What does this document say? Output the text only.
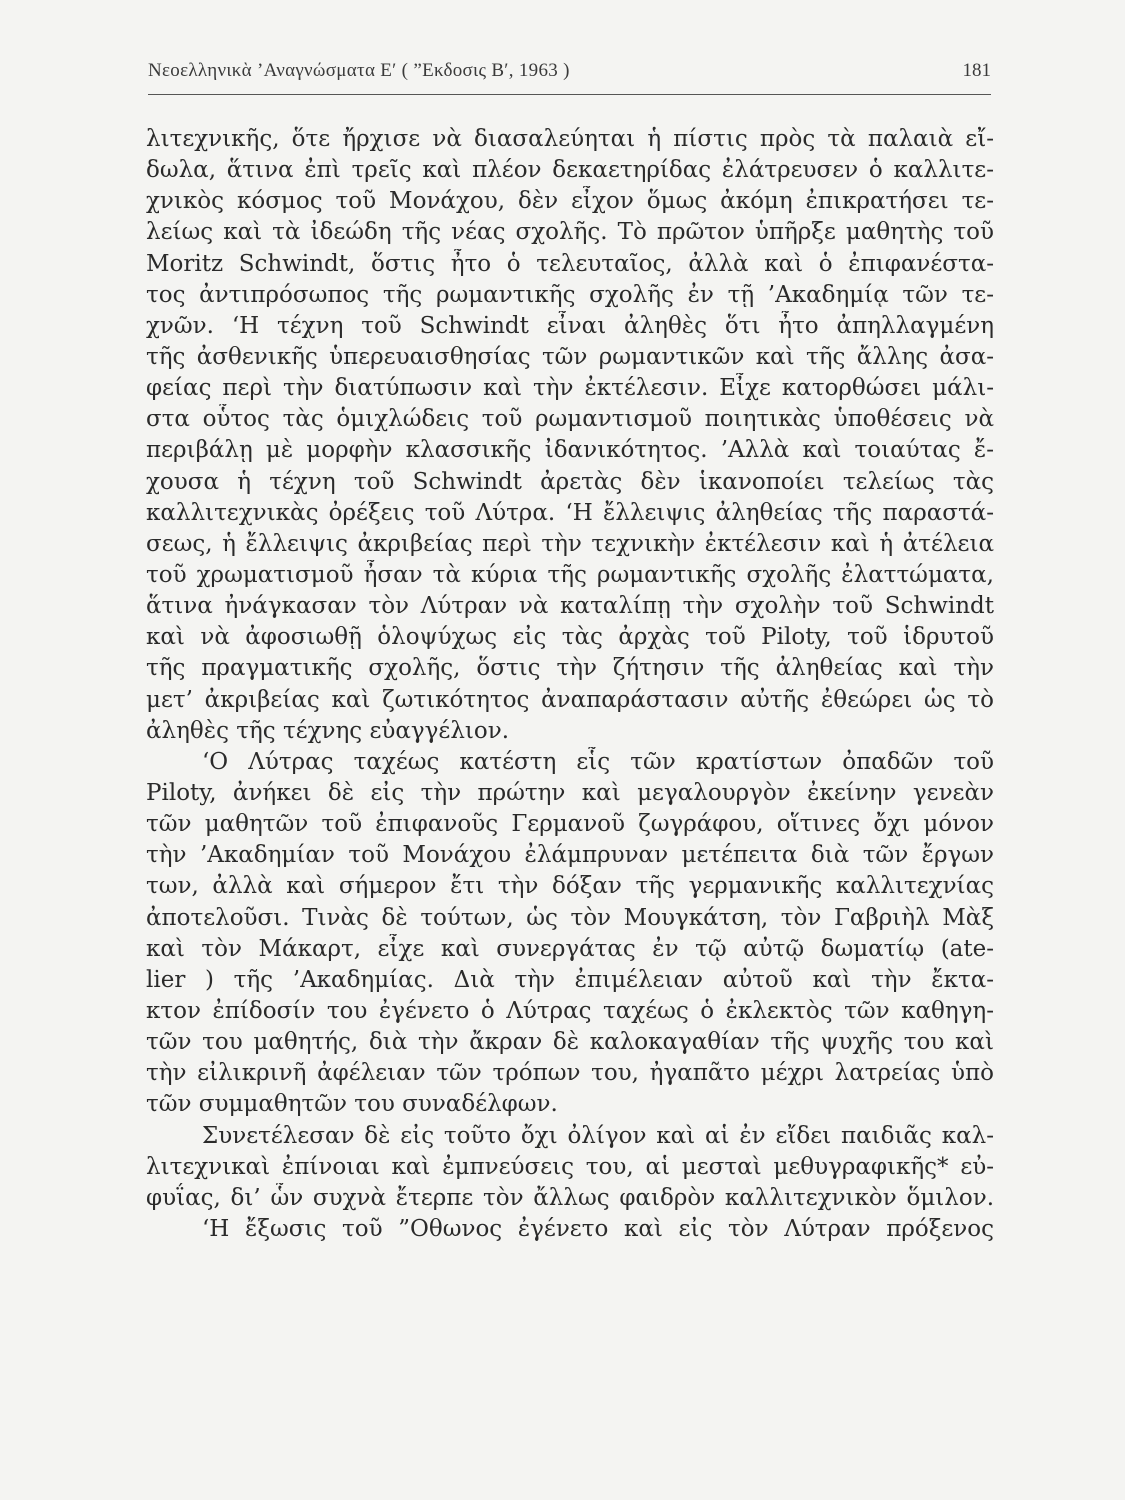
Νεοελληνικὰ ’Αναγνώσματα Ε′ ( ”Εκδοσις Β′, 1963 )	181
λιτεχνικῆς, ὅτε ἤρχισε νὰ διασαλεύηται ἡ πίστις πρὸς τὰ παλαιὰ εἴ-
δωλα, ἅτινα ἐπὶ τρεῖς καὶ πλέον δεκαετηρίδας ἐλάτρευσεν ὁ καλλιτε-
χνικὸς κόσμος τοῦ Μονάχου, δὲν εἶχον ὅμως ἀκόμη ἐπικρατήσει τε-
λείως καὶ τὰ ἰδεώδη τῆς νέας σχολῆς. Τὸ πρῶτον ὑπῆρξε μαθητὴς τοῦ
Moritz Schwindt, ὅστις ἦτο ὁ τελευταῖος, ἀλλὰ καὶ ὁ ἐπιφανέστα-
τος ἀντιπρόσωπος τῆς ρωμαντικῆς σχολῆς ἐν τῇ ’Ακαδημίᾳ τῶν τε-
χνῶν. ‘Η τέχνη τοῦ Schwindt εἶναι ἀληθὲς ὅτι ἦτο ἀπηλλαγμένη
τῆς ἀσθενικῆς ὑπερευαισθησίας τῶν ρωμαντικῶν καὶ τῆς ἄλλης ἀσα-
φείας περὶ τὴν διατύπωσιν καὶ τὴν ἐκτέλεσιν. Εἶχε κατορθώσει μάλι-
στα οὗτος τὰς ὁμιχλώδεις τοῦ ρωμαντισμοῦ ποιητικὰς ὑποθέσεις νὰ
περιβάλῃ μὲ μορφὴν κλασσικῆς ἰδανικότητος. ’Αλλὰ καὶ τοιαύτας ἔ-
χουσα ἡ τέχνη τοῦ Schwindt ἀρετὰς δὲν ἱκανοποίει τελείως τὰς
καλλιτεχνικὰς ὀρέξεις τοῦ Λύτρα. ‘Η ἔλλειψις ἀληθείας τῆς παραστά-
σεως, ἡ ἔλλειψις ἀκριβείας περὶ τὴν τεχνικὴν ἐκτέλεσιν καὶ ἡ ἀτέλεια
τοῦ χρωματισμοῦ ἦσαν τὰ κύρια τῆς ρωμαντικῆς σχολῆς ἐλαττώματα,
ἅτινα ἠνάγκασαν τὸν Λύτραν νὰ καταλίπῃ τὴν σχολὴν τοῦ Schwindt
καὶ νὰ ἀφοσιωθῇ ὁλοψύχως εἰς τὰς ἀρχὰς τοῦ Piloty, τοῦ ἱδρυτοῦ
τῆς πραγματικῆς σχολῆς, ὅστις τὴν ζήτησιν τῆς ἀληθείας καὶ τὴν
μετ’ ἀκριβείας καὶ ζωτικότητος ἀναπαράστασιν αὐτῆς ἐθεώρει ὡς τὸ
ἀληθὲς τῆς τέχνης εὐαγγέλιον.
‘Ο Λύτρας ταχέως κατέστη εἷς τῶν κρατίστων ὀπαδῶν τοῦ
Piloty, ἀνήκει δὲ εἰς τὴν πρώτην καὶ μεγαλουργὸν ἐκείνην γενεὰν
τῶν μαθητῶν τοῦ ἐπιφανοῦς Γερμανοῦ ζωγράφου, οἵτινες ὄχι μόνον
τὴν ’Ακαδημίαν τοῦ Μονάχου ἐλάμπρυναν μετέπειτα διὰ τῶν ἔργων
των, ἀλλὰ καὶ σήμερον ἔτι τὴν δόξαν τῆς γερμανικῆς καλλιτεχνίας
ἀποτελοῦσι. Τινὰς δὲ τούτων, ὡς τὸν Μουγκάτση, τὸν Γαβριὴλ Μὰξ
καὶ τὸν Μάκαρτ, εἶχε καὶ συνεργάτας ἐν τῷ αὐτῷ δωματίῳ (ate-
lier ) τῆς ’Ακαδημίας. Διὰ τὴν ἐπιμέλειαν αὐτοῦ καὶ τὴν ἔκτα-
κτον ἐπίδοσίν του ἐγένετο ὁ Λύτρας ταχέως ὁ ἐκλεκτὸς τῶν καθηγη-
τῶν του μαθητής, διὰ τὴν ἄκραν δὲ καλοκαγαθίαν τῆς ψυχῆς του καὶ
τὴν εἰλικρινῆ ἀφέλειαν τῶν τρόπων του, ἠγαπᾶτο μέχρι λατρείας ὑπὸ
τῶν συμμαθητῶν του συναδέλφων.
Συνετέλεσαν δὲ εἰς τοῦτο ὄχι ὀλίγον καὶ αἱ ἐν εἴδει παιδιᾶς καλ-
λιτεχνικαὶ ἐπίνοιαι καὶ ἐμπνεύσεις του, αἱ μεσταὶ μεθυγραφικῆς* εὐ-
φυΐας, δι’ ὧν συχνὰ ἔτερπε τὸν ἄλλως φαιδρὸν καλλιτεχνικὸν ὅμιλον.
‘Η ἔξωσις τοῦ ”Οθωνος ἐγένετο καὶ εἰς τὸν Λύτραν πρόξενος
